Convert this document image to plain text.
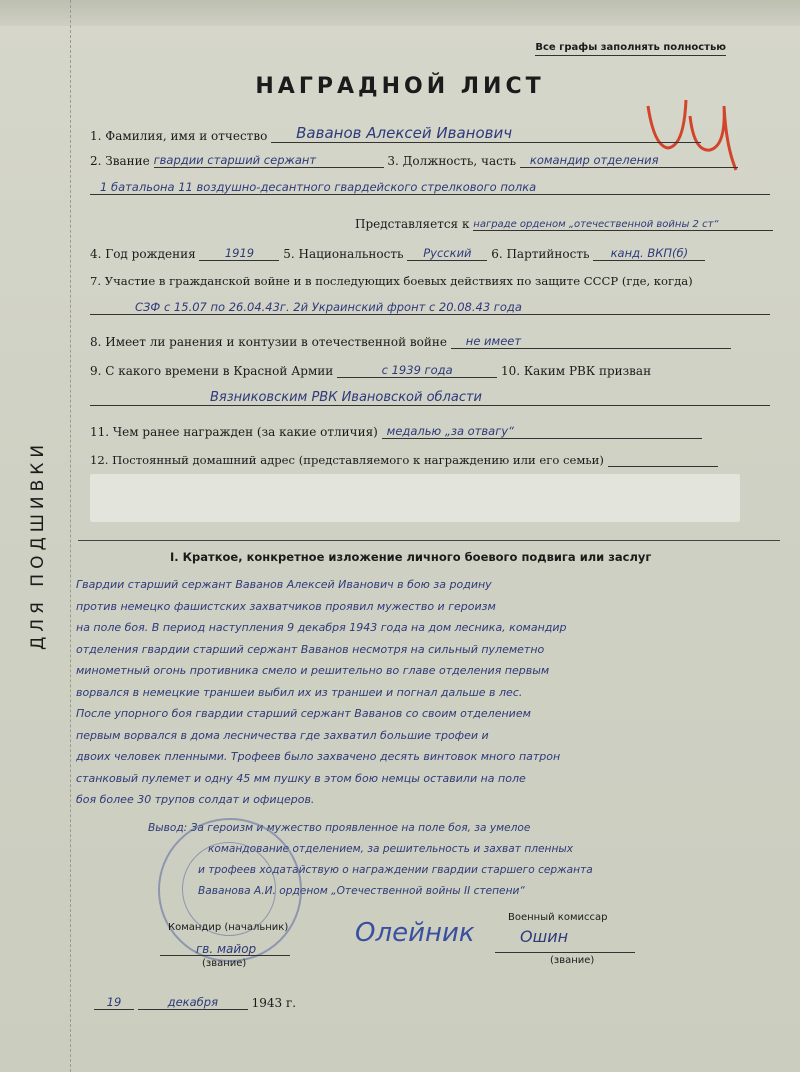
ДЛЯ ПОДШИВКИ
Все графы заполнять полностью
НАГРАДНОЙ ЛИСТ
1. Фамилия, имя и отчество Ваванов Алексей Иванович
2. Звание гвардии старший сержант	3. Должность, часть командир отделения
1 батальона 11 воздушно-десантного гвардейского стрелкового полка
Представляется к награде орденом „отечественной войны 2 ст“
4. Год рождения	1919 5. Национальность Русский 6. Партийность канд. ВКП(б)
7. Участие в гражданской войне и в последующих боевых действиях по защите СССР (где, когда)
СЗФ с 15.07 по 26.04.43г. 2й Украинский фронт с 20.08.43 года
8. Имеет ли ранения и контузии в отечественной войне не имеет
9. С какого времени в Красной Армии	с 1939 года	10. Каким РВК призван
Вязниковским РВК Ивановской области
11. Чем ранее награжден (за какие отличия) медалью „за отвагу“
12. Постоянный домашний адрес (представляемого к награждению или его семьи)
I. Краткое, конкретное изложение личного боевого подвига или заслуг
Гвардии старший сержант Ваванов Алексей Иванович в бою за родину
против немецко фашистских захватчиков проявил мужество и героизм
на поле боя. В период наступления 9 декабря 1943 года на дом лесника, командир
отделения гвардии старший сержант Ваванов несмотря на сильный пулеметно
минометный огонь противника смело и решительно во главе отделения первым
ворвался в немецкие траншеи выбил их из траншеи и погнал дальше в лес.
После упорного боя гвардии старший сержант Ваванов со своим отделением
первым ворвался в дома лесничества где захватил большие трофеи и
двоих человек пленными. Трофеев было захвачено десять винтовок много патрон
станковый пулемет и одну 45 мм пушку в этом бою немцы оставили на поле
боя более 30 трупов солдат и офицеров.
Вывод: За героизм и мужество проявленное на поле боя, за умелое
командование отделением, за решительность и захват пленных
и трофеев ходатайствую о награждении гвардии старшего сержанта
Ваванова А.И. орденом „Отечественной войны II степени“
Командир (начальник)
гв. майор
(звание)
Олейник
Военный комиссар
Ошин
(звание)
19	декабря	1943 г.
